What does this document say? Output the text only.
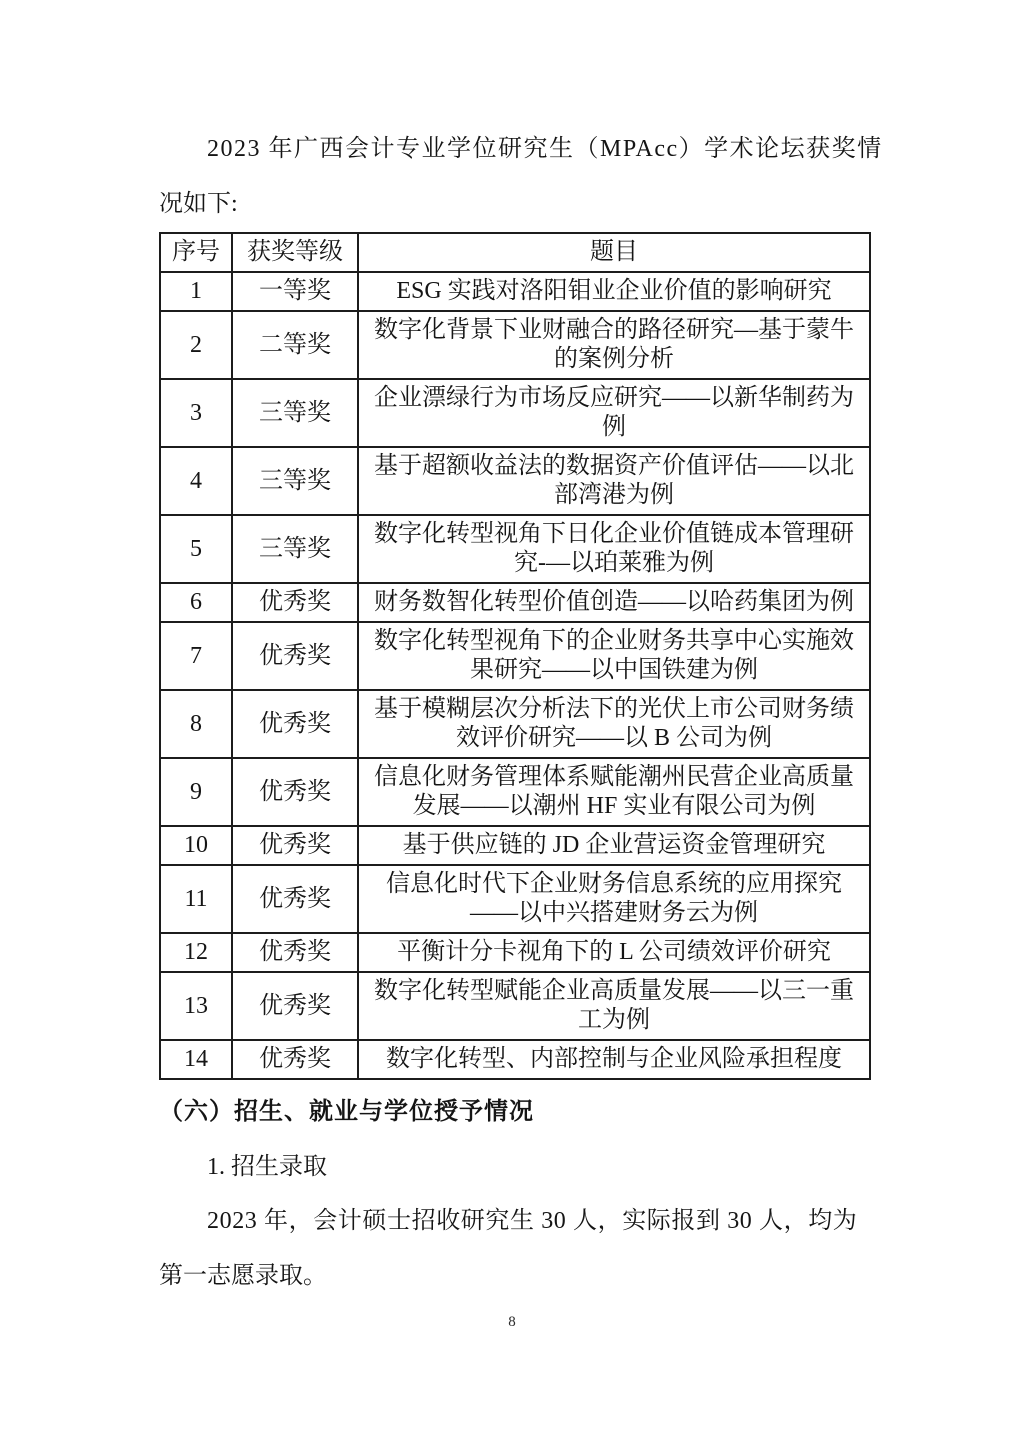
2023 年广西会计专业学位研究生（MPAcc）学术论坛获奖情
况如下:
序号	获奖等级	题目
1	一等奖	ESG 实践对洛阳钼业企业价值的影响研究
2	二等奖	数字化背景下业财融合的路径研究—基于蒙牛的案例分析
3	三等奖	企业漂绿行为市场反应研究——以新华制药为例
4	三等奖	基于超额收益法的数据资产价值评估——以北部湾港为例
5	三等奖	数字化转型视角下日化企业价值链成本管理研究-—以珀莱雅为例
6	优秀奖	财务数智化转型价值创造——以哈药集团为例
7	优秀奖	数字化转型视角下的企业财务共享中心实施效果研究——以中国铁建为例
8	优秀奖	基于模糊层次分析法下的光伏上市公司财务绩效评价研究——以 B 公司为例
9	优秀奖	信息化财务管理体系赋能潮州民营企业高质量发展——以潮州 HF 实业有限公司为例
10	优秀奖	基于供应链的 JD 企业营运资金管理研究
11	优秀奖	信息化时代下企业财务信息系统的应用探究——以中兴搭建财务云为例
12	优秀奖	平衡计分卡视角下的 L 公司绩效评价研究
13	优秀奖	数字化转型赋能企业高质量发展——以三一重工为例
14	优秀奖	数字化转型、内部控制与企业风险承担程度
（六）招生、就业与学位授予情况
1. 招生录取
2023 年，会计硕士招收研究生 30 人，实际报到 30 人，均为
第一志愿录取。
8
